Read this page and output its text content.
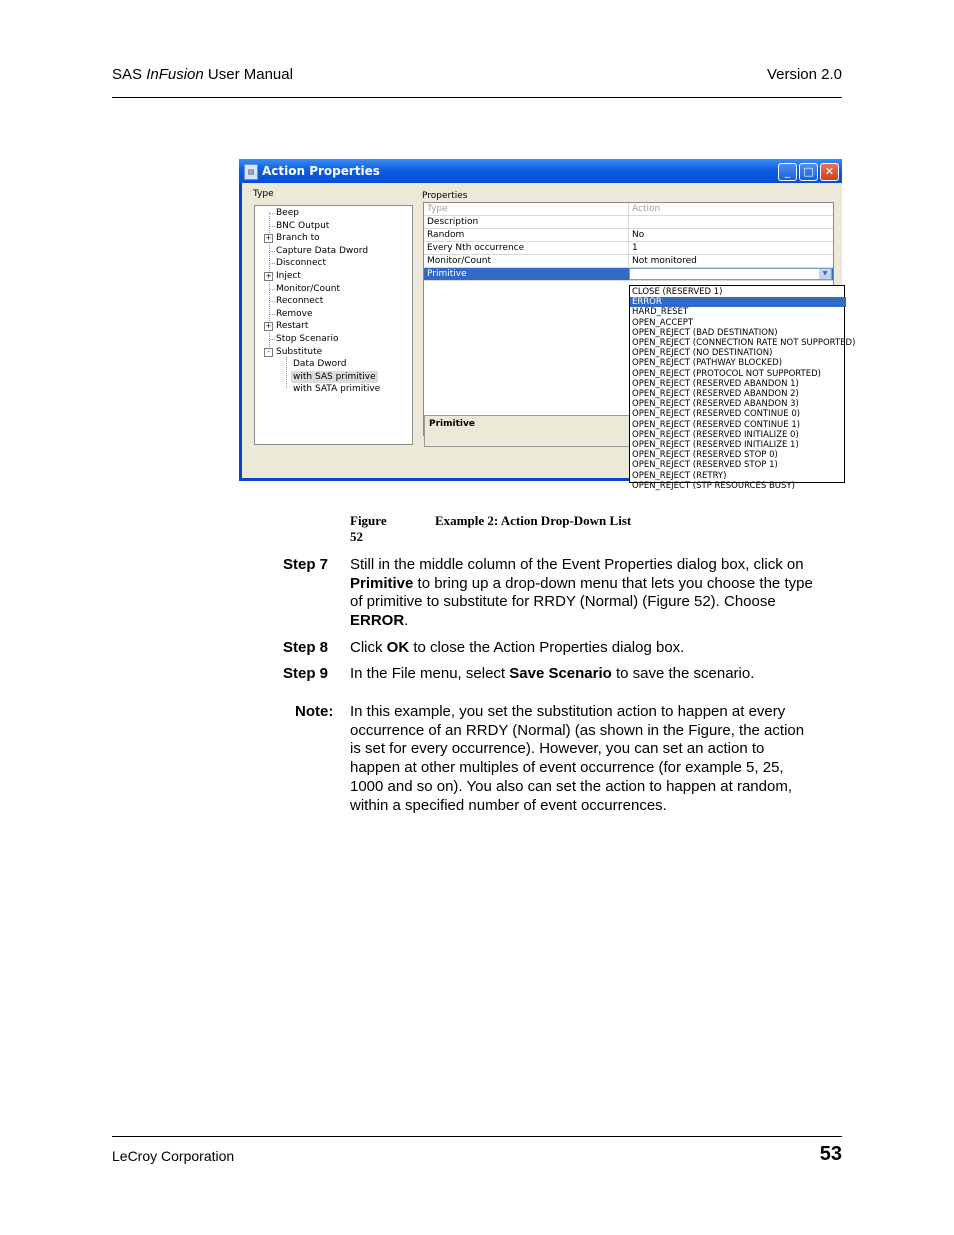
SAS InFusion User Manual	Version 2.0
▤ Action Properties	_	□	✕
Type
Beep
BNC Output
+ Branch to
Capture Data Dword
Disconnect
+ Inject
Monitor/Count
Reconnect
Remove
+ Restart
Stop Scenario
- Substitute
Data Dword
with SAS primitive
with SATA primitive
Properties
Type	Action
Description
Random	No
Every Nth occurrence	1
Monitor/Count	Not monitored
Primitive	▼
Primitive
CLOSE (RESERVED 1)
ERROR
HARD_RESET
OPEN_ACCEPT
OPEN_REJECT (BAD DESTINATION)
OPEN_REJECT (CONNECTION RATE NOT SUPPORTED)
OPEN_REJECT (NO DESTINATION)
OPEN_REJECT (PATHWAY BLOCKED)
OPEN_REJECT (PROTOCOL NOT SUPPORTED)
OPEN_REJECT (RESERVED ABANDON 1)
OPEN_REJECT (RESERVED ABANDON 2)
OPEN_REJECT (RESERVED ABANDON 3)
OPEN_REJECT (RESERVED CONTINUE 0)
OPEN_REJECT (RESERVED CONTINUE 1)
OPEN_REJECT (RESERVED INITIALIZE 0)
OPEN_REJECT (RESERVED INITIALIZE 1)
OPEN_REJECT (RESERVED STOP 0)
OPEN_REJECT (RESERVED STOP 1)
OPEN_REJECT (RETRY)
OPEN_REJECT (STP RESOURCES BUSY)
Figure 52
Example 2: Action Drop-Down List
Step 7 Still in the middle column of the Event Properties dialog box, click on Primitive to bring up a drop-down menu that lets you choose the type of primitive to substitute for RRDY (Normal) (Figure 52). Choose ERROR.
Step 8 Click OK to close the Action Properties dialog box.
Step 9 In the File menu, select Save Scenario to save the scenario.
Note: In this example, you set the substitution action to happen at every occurrence of an RRDY (Normal) (as shown in the Figure, the action is set for every occurrence). However, you can set an action to happen at other multiples of event occurrence (for example 5, 25, 1000 and so on). You also can set the action to happen at random, within a specified number of event occurrences.
LeCroy Corporation	53
